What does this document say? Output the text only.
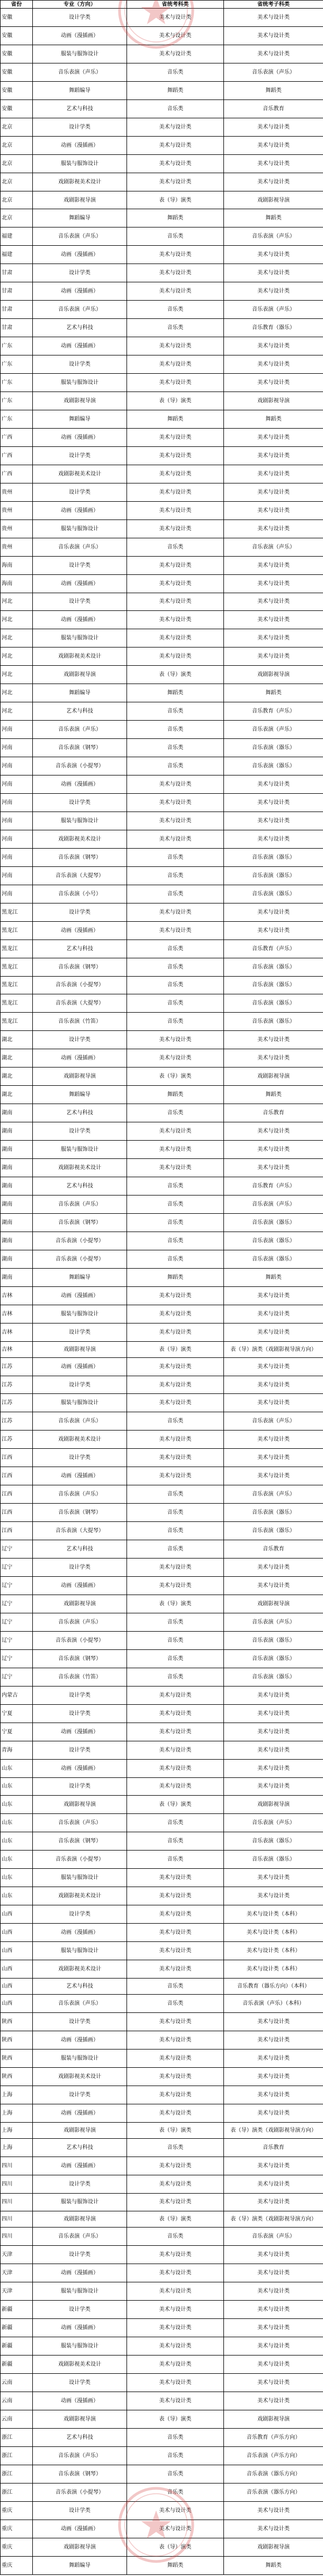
省份	专业（方向）	省统考科类	省统考子科类
安徽	设计学类	美术与设计类	美术与设计类
安徽	动画（漫插画）	美术与设计类	美术与设计类
安徽	服装与服饰设计	美术与设计类	美术与设计类
安徽	音乐表演（声乐）	音乐类	音乐表演（声乐）
安徽	舞蹈编导	舞蹈类	舞蹈类
安徽	艺术与科技	音乐类	音乐教育
北京	设计学类	美术与设计类	美术与设计类
北京	动画（漫插画）	美术与设计类	美术与设计类
北京	服装与服饰设计	美术与设计类	美术与设计类
北京	戏剧影视美术设计	美术与设计类	美术与设计类
北京	戏剧影视导演	表（导）演类	戏剧影视导演
北京	舞蹈编导	舞蹈类	舞蹈类
福建	音乐表演（声乐）	音乐类	音乐表演（声乐）
福建	动画（漫插画）	美术与设计类	美术与设计类
甘肃	设计学类	美术与设计类	美术与设计类
甘肃	动画（漫插画）	美术与设计类	美术与设计类
甘肃	音乐表演（声乐）	音乐类	音乐表演（声乐）
甘肃	艺术与科技	音乐类	音乐教育（器乐）
广东	动画（漫插画）	美术与设计类	美术与设计类
广东	设计学类	美术与设计类	美术与设计类
广东	服装与服饰设计	美术与设计类	美术与设计类
广东	戏剧影视导演	表（导）演类	戏剧影视导演
广东	舞蹈编导	舞蹈类	舞蹈类
广西	动画（漫插画）	美术与设计类	美术与设计类
广西	设计学类	美术与设计类	美术与设计类
广西	戏剧影视美术设计	美术与设计类	美术与设计类
贵州	设计学类	美术与设计类	美术与设计类
贵州	动画（漫插画）	美术与设计类	美术与设计类
贵州	服装与服饰设计	美术与设计类	美术与设计类
贵州	音乐表演（声乐）	音乐类	音乐表演（声乐）
海南	设计学类	美术与设计类	美术与设计类
海南	动画（漫插画）	美术与设计类	美术与设计类
河北	设计学类	美术与设计类	美术与设计类
河北	动画（漫插画）	美术与设计类	美术与设计类
河北	服装与服饰设计	美术与设计类	美术与设计类
河北	戏剧影视美术设计	美术与设计类	美术与设计类
河北	戏剧影视导演	表（导）演类	戏剧影视导演
河北	舞蹈编导	舞蹈类	舞蹈类
河北	艺术与科技	音乐类	音乐教育（声乐）
河南	音乐表演（声乐）	音乐类	音乐表演（声乐）
河南	音乐表演（钢琴）	音乐类	音乐表演（器乐）
河南	音乐表演（小提琴）	音乐类	音乐表演（器乐）
河南	动画（漫插画）	美术与设计类	美术与设计类
河南	设计学类	美术与设计类	美术与设计类
河南	服装与服饰设计	美术与设计类	美术与设计类
河南	戏剧影视美术设计	美术与设计类	美术与设计类
河南	音乐表演（钢琴）	音乐类	音乐表演（器乐）
河南	音乐表演（大提琴）	音乐类	音乐表演（器乐）
河南	音乐表演（小号）	音乐类	音乐表演（器乐）
黑龙江	设计学类	美术与设计类	美术与设计类
黑龙江	动画（漫插画）	美术与设计类	美术与设计类
黑龙江	艺术与科技	音乐类	音乐教育（声乐）
黑龙江	音乐表演（钢琴）	音乐类	音乐表演（器乐）
黑龙江	音乐表演（小提琴）	音乐类	音乐表演（器乐）
黑龙江	音乐表演（大提琴）	音乐类	音乐表演（器乐）
黑龙江	音乐表演（竹笛）	音乐类	音乐表演（器乐）
湖北	设计学类	美术与设计类	美术与设计类
湖北	动画（漫插画）	美术与设计类	美术与设计类
湖北	戏剧影视导演	表（导）演类	戏剧影视导演
湖北	舞蹈编导	舞蹈类	舞蹈类
湖南	艺术与科技	音乐类	音乐教育
湖南	设计学类	美术与设计类	美术与设计类
湖南	服装与服饰设计	美术与设计类	美术与设计类
湖南	戏剧影视美术设计	美术与设计类	美术与设计类
湖南	艺术与科技	音乐类	音乐教育（声乐）
湖南	音乐表演（声乐）	音乐类	音乐表演（声乐）
湖南	音乐表演（钢琴）	音乐类	音乐表演（器乐）
湖南	音乐表演（小提琴）	音乐类	音乐表演（器乐）
湖南	音乐表演（小提琴）	音乐类	音乐表演（器乐）
湖南	舞蹈编导	舞蹈类	舞蹈类
吉林	动画（漫插画）	美术与设计类	美术与设计类
吉林	服装与服饰设计	美术与设计类	美术与设计类
吉林	设计学类	美术与设计类	美术与设计类
吉林	戏剧影视导演	表（导）演类	表（导）演类（戏剧影视导演方向）
江苏	动画（漫插画）	美术与设计类	美术与设计类
江苏	设计学类	美术与设计类	美术与设计类
江苏	服装与服饰设计	美术与设计类	美术与设计类
江苏	音乐表演（声乐）	音乐类	音乐表演（声乐）
江苏	戏剧影视美术设计	美术与设计类	美术与设计类
江西	设计学类	美术与设计类	美术与设计类
江西	动画（漫插画）	美术与设计类	美术与设计类
江西	音乐表演（声乐）	音乐类	音乐表演（声乐）
江西	音乐表演（钢琴）	音乐类	音乐表演（器乐）
江西	音乐表演（大提琴）	音乐类	音乐表演（器乐）
辽宁	艺术与科技	音乐类	音乐教育
辽宁	设计学类	美术与设计类	美术与设计类
辽宁	动画（漫插画）	美术与设计类	美术与设计类
辽宁	戏剧影视导演	表（导）演类	戏剧影视导演
辽宁	音乐表演（声乐）	音乐类	音乐表演（声乐）
辽宁	音乐表演（小提琴）	音乐类	音乐表演（器乐）
辽宁	音乐表演（钢琴）	音乐类	音乐表演（器乐）
辽宁	音乐表演（竹笛）	音乐类	音乐表演（器乐）
内蒙古	设计学类	美术与设计类	美术与设计类
宁夏	设计学类	美术与设计类	美术与设计类
宁夏	动画（漫插画）	美术与设计类	美术与设计类
青海	设计学类	美术与设计类	美术与设计类
山东	动画（漫插画）	美术与设计类	美术与设计类
山东	设计学类	美术与设计类	美术与设计类
山东	戏剧影视导演	表（导）演类	戏剧影视导演
山东	音乐表演（声乐）	音乐类	音乐表演（声乐）
山东	音乐表演（钢琴）	音乐类	音乐表演（器乐）
山东	音乐表演（小提琴）	音乐类	音乐表演（器乐）
山东	服装与服饰设计	美术与设计类	美术与设计类
山东	戏剧影视美术设计	美术与设计类	美术与设计类
山西	设计学类	美术与设计类	美术与设计类（本科）
山西	动画（漫插画）	美术与设计类	美术与设计类（本科）
山西	服装与服饰设计	美术与设计类	美术与设计类（本科）
山西	戏剧影视美术设计	美术与设计类	美术与设计类（本科）
山西	艺术与科技	音乐类	音乐教育（器乐方向）（本科）
山西	音乐表演（声乐）	音乐类	音乐表演（声乐）（本科）
陕西	设计学类	美术与设计类	美术与设计类
陕西	动画（漫插画）	美术与设计类	美术与设计类
陕西	服装与服饰设计	美术与设计类	美术与设计类
陕西	戏剧影视美术设计	美术与设计类	美术与设计类
上海	设计学类	美术与设计类	美术与设计类
上海	动画（漫插画）	美术与设计类	美术与设计类
上海	戏剧影视导演	表（导）演类	表（导）演类（戏剧影视导演方向）
上海	艺术与科技	音乐类	音乐教育
四川	动画（漫插画）	美术与设计类	美术与设计类
四川	设计学类	美术与设计类	美术与设计类
四川	服装与服饰设计	美术与设计类	美术与设计类
四川	戏剧影视导演	表（导）演类	表（导）演类（戏剧影视导演方向）
四川	音乐表演（声乐）	音乐类	音乐表演（声乐）
天津	设计学类	美术与设计类	美术与设计类
天津	动画（漫插画）	美术与设计类	美术与设计类
天津	服装与服饰设计	美术与设计类	美术与设计类
新疆	设计学类	美术与设计类	美术与设计类
新疆	动画（漫插画）	美术与设计类	美术与设计类
新疆	服装与服饰设计	美术与设计类	美术与设计类
新疆	戏剧影视美术设计	美术与设计类	美术与设计类
云南	设计学类	美术与设计类	美术与设计类
云南	动画（漫插画）	美术与设计类	美术与设计类
云南	戏剧影视导演	表（导）演类	戏剧影视导演
浙江	艺术与科技	音乐类	音乐教育（声乐方向）
浙江	音乐表演（声乐）	音乐类	音乐表演（声乐方向）
浙江	音乐表演（钢琴）	音乐类	音乐表演（器乐方向）
浙江	音乐表演（小提琴）	音乐类	音乐表演（器乐方向）
重庆	设计学类	美术与设计类	美术与设计类
重庆	动画（漫插画）	美术与设计类	美术与设计类
重庆	戏剧影视导演	表（导）演类	戏剧影视导演
重庆	舞蹈编导	舞蹈类	舞蹈类
